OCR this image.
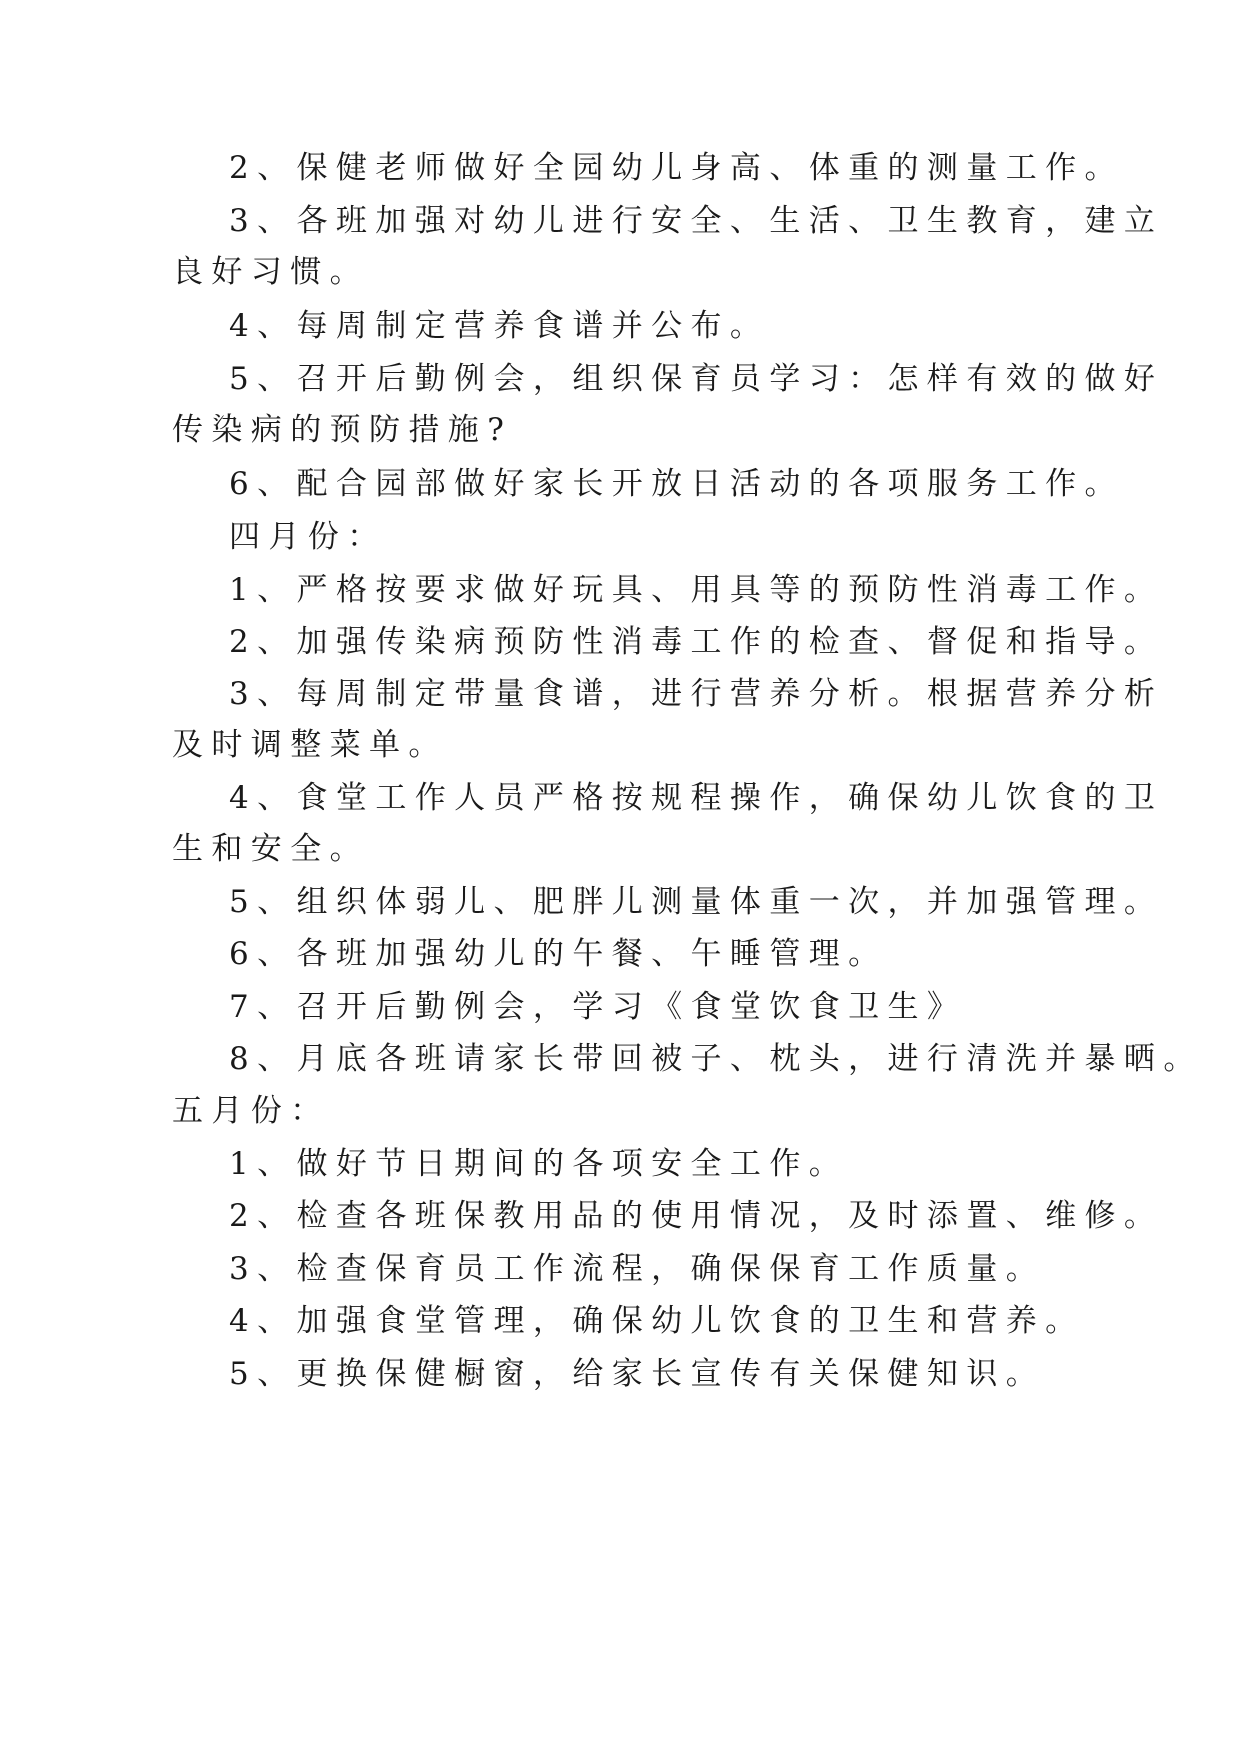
2、保健老师做好全园幼儿身高、体重的测量工作。
3、各班加强对幼儿进行安全、生活、卫生教育，建立
良好习惯。
4、每周制定营养食谱并公布。
5、召开后勤例会，组织保育员学习：怎样有效的做好
传染病的预防措施?
6、配合园部做好家长开放日活动的各项服务工作。
四月份：
1、严格按要求做好玩具、用具等的预防性消毒工作。
2、加强传染病预防性消毒工作的检查、督促和指导。
3、每周制定带量食谱，进行营养分析。根据营养分析
及时调整菜单。
4、食堂工作人员严格按规程操作，确保幼儿饮食的卫
生和安全。
5、组织体弱儿、肥胖儿测量体重一次，并加强管理。
6、各班加强幼儿的午餐、午睡管理。
7、召开后勤例会，学习《食堂饮食卫生》
8、月底各班请家长带回被子、枕头，进行清洗并暴晒。
五月份：
1、做好节日期间的各项安全工作。
2、检查各班保教用品的使用情况，及时添置、维修。
3、检查保育员工作流程，确保保育工作质量。
4、加强食堂管理，确保幼儿饮食的卫生和营养。
5、更换保健橱窗，给家长宣传有关保健知识。
